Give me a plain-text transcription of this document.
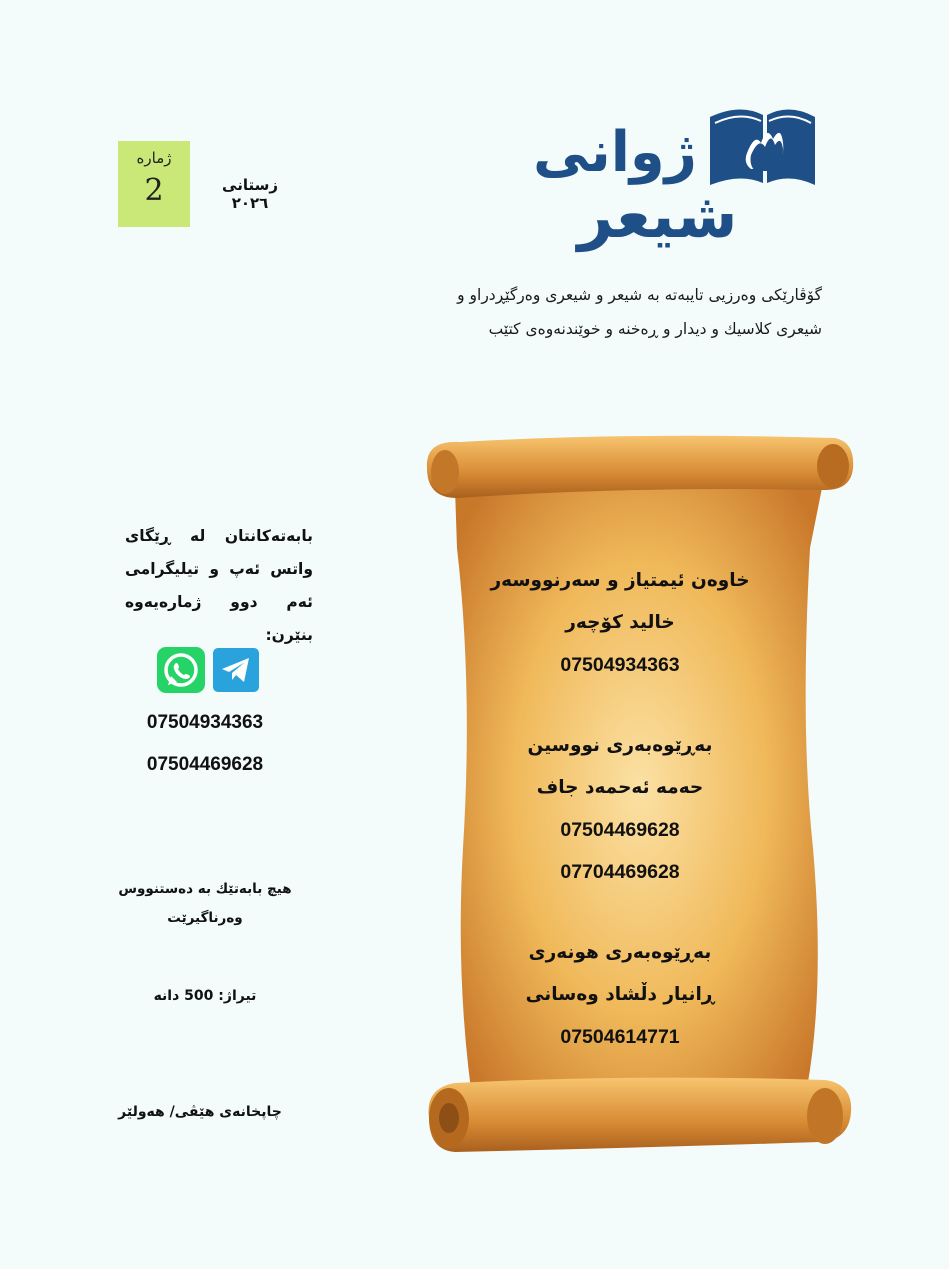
ژوانی
شیعر
ژمارە
2	زستانی ٢٠٢٦
گۆڤارێکی وەرزیی تایبەتە بە شیعر و شیعری وەرگێڕدراو و
شیعری کلاسیك و دیدار و ڕەخنە و خوێندنەوەی کتێب
خاوەن ئیمتیاز و سەرنووسەر
خالید کۆچەر
07504934363
بەڕێوەبەری نووسین
حەمە ئەحمەد جاف
07504469628
07704469628
بەڕێوەبەری هونەری
ڕانیار دڵشاد وەسانی
07504614771
بابەتەکانتان لە ڕێگای واتس ئەپ و تیلیگرامی ئەم دوو ژمارەیەوە بنێرن:
07504934363
07504469628
هیچ بابەتێك بە دەستنووس
وەرناگیرێت
تیراژ: 500 دانە
چاپخانەی هێڤی/ هەولێر
